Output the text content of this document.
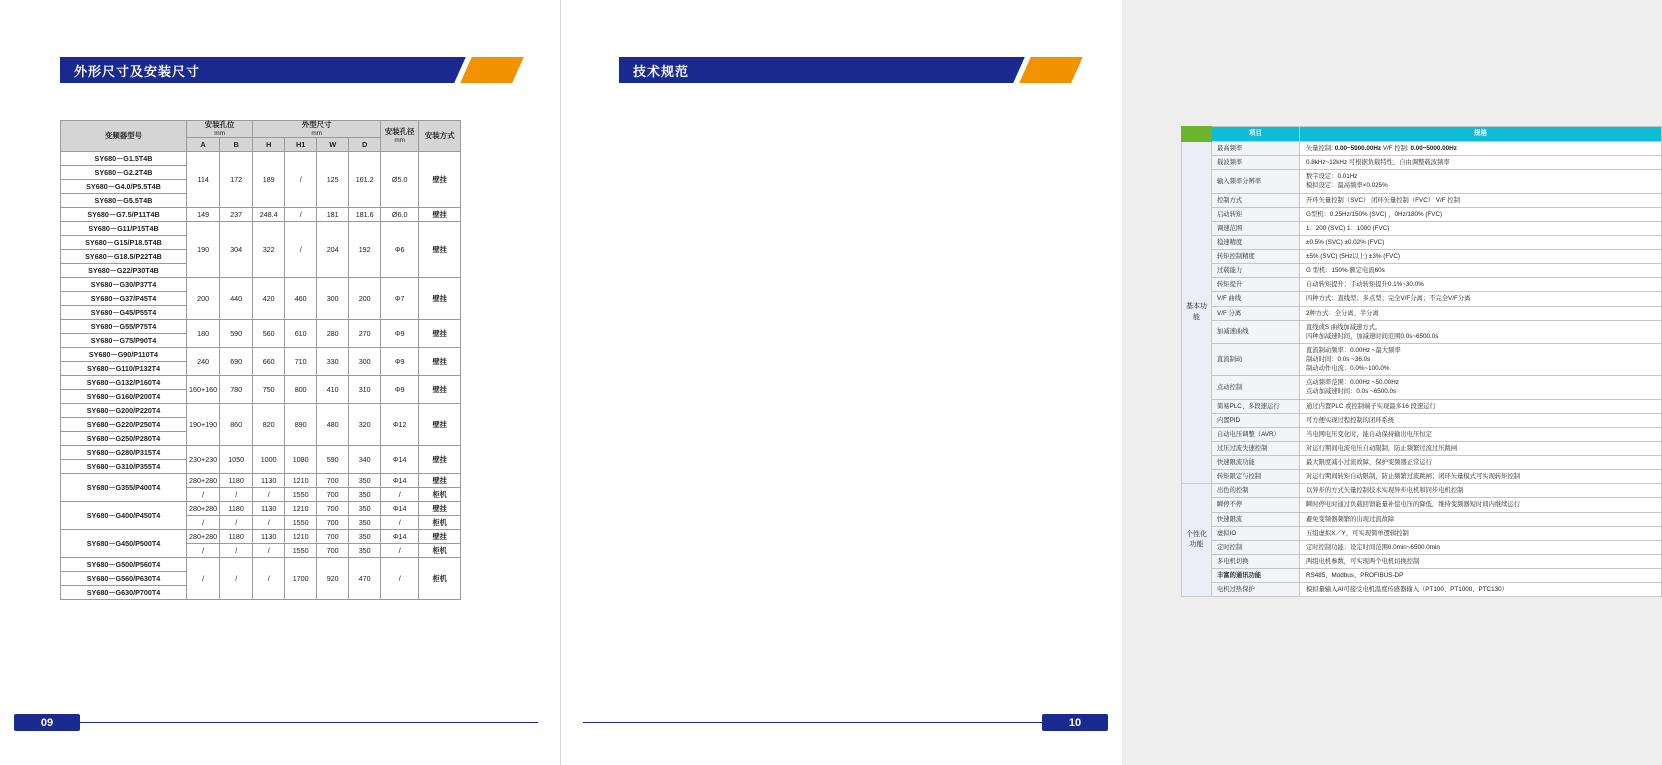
外形尺寸及安装尺寸
变频器型号	安装孔位
mm		外型尺寸
mm				安装孔径
mm	安装方式
	A	B	H	H1	W	D		
SY680－G1.5T4B	114	172	189	/	125	161.2	Ø5.0	壁挂
SY680－G2.2T4B								
SY680－G4.0/P5.5T4B								
SY680－G5.5T4B								
SY680－G7.5/P11T4B	149	237	248.4	/	181	181.6	Ø6.0	壁挂
SY680－G11/P15T4B	190	304	322	/	204	192	Φ6	壁挂
SY680－G15/P18.5T4B								
SY680－G18.5/P22T4B								
SY680－G22/P30T4B								
SY680－G30/P37T4	200	440	420	460	300	200	Φ7	壁挂
SY680－G37/P45T4								
SY680－G45/P55T4								
SY680－G55/P75T4	180	590	560	610	280	270	Φ9	壁挂
SY680－G75/P90T4								
SY680－G90/P110T4	240	690	660	710	330	300	Φ9	壁挂
SY680－G110/P132T4								
SY680－G132/P160T4	160+160	780	750	800	410	310	Φ9	壁挂
SY680－G160/P200T4								
SY680－G200/P220T4	190+190	860	820	890	480	320	Φ12	壁挂
SY680－G220/P250T4								
SY680－G250/P280T4								
SY680－G280/P315T4	230+230	1050	1000	1080	590	340	Φ14	壁挂
SY680－G310/P355T4								
SY680－G355/P400T4	280+280	1180	1130	1210	700	350	Φ14	壁挂
	/	/	/	1550	700	350	/	柜机
SY680－G400/P450T4	280+280	1180	1130	1210	700	350	Φ14	壁挂
	/	/	/	1550	700	350	/	柜机
SY680－G450/P500T4	280+280	1180	1130	1210	700	350	Φ14	壁挂
	/	/	/	1550	700	350	/	柜机
SY680－G500/P560T4	/	/	/	1700	920	470	/	柜机
SY680－G560/P630T4								
SY680－G630/P700T4								
09
技术规范
	项目	规格
基本功能	最高频率	矢量控制: 0.00~5000.00Hz V/F 控制: 0.00~5000.00Hz

	载波频率	0.8kHz~12kHz 可根据负载特性，自由调整载波频率

	输入频率分辨率	数字设定：0.01Hz
模拟设定：最高频率×0.025%

	控制方式	开环矢量控制（SVC） 闭环矢量控制（FVC） V/F 控制

	启动转矩	G型机：0.25Hz/150% (SVC) ，0Hz/180% (FVC)

	调速范围	1：200 (SVC) 1：1000 (FVC)

	稳速精度	±0.5% (SVC) ±0.02% (FVC)

	转矩控制精度	±5% (SVC) (5Hz以上) ±3% (FVC)

	过载能力	G 型机：150% 额定电流60s

	转矩提升	自动转矩提升；手动转矩提升0.1%~30.0%

	V/F 曲线	四种方式：直线型；多点型；完全V/F分离；不完全V/F分离

	V/F 分离	2种方式：全分离、半分离

	加减速曲线	直线或S 曲线加减速方式。
四种加减速时间，加减速时间范围0.0s~6500.0s

	直流制动	直流制动频率：0.00Hz ~最大频率
制动时间：0.0s ~36.0s
制动动作电流：0.0%~100.0%

	点动控制	点动频率范围：0.00Hz ~50.00Hz
点动加减速时间：0.0s ~6500.0s

	简易PLC、多段速运行	通过内置PLC 或控制端子实现最多16 段速运行

	内置PID	可方便实现过程控制的闭环系统

	自动电压调整（AVR）	当电网电压变化时，能自动保持输出电压恒定

	过压过流失速控制	对运行期间电流电压自动限制，防止频繁过流过压跳闸

	快速限流功能	最大限度减小过流故障，保护变频器正常运行

	转矩限定与控制	对运行期间转矩自动限制，防止频繁过流跳闸；闭环矢量模式可实现转矩控制

个性化功能	出色的控制	以异步的方式矢量控制技术实现异步电机和同步电机控制

	瞬停不停	瞬时停电时通过负载回馈能量补偿电压的降低，维持变频器短时间内继续运行

	快速限流	避免变频器频繁的出现过流故障

	虚拟IO	五组虚拟X／Y，可实现简单逻辑控制

	定时控制	定时控制功能：设定时间范围0.0min~6500.0min

	多电机切换	两组电机参数，可实现两个电机切换控制

	丰富的通讯功能	RS485、Modbus、PROFIBUS-DP

	电机过热保护	模拟量输入AI可接受电机温度传感器输入（PT100、PT1000、PTC130）
10
